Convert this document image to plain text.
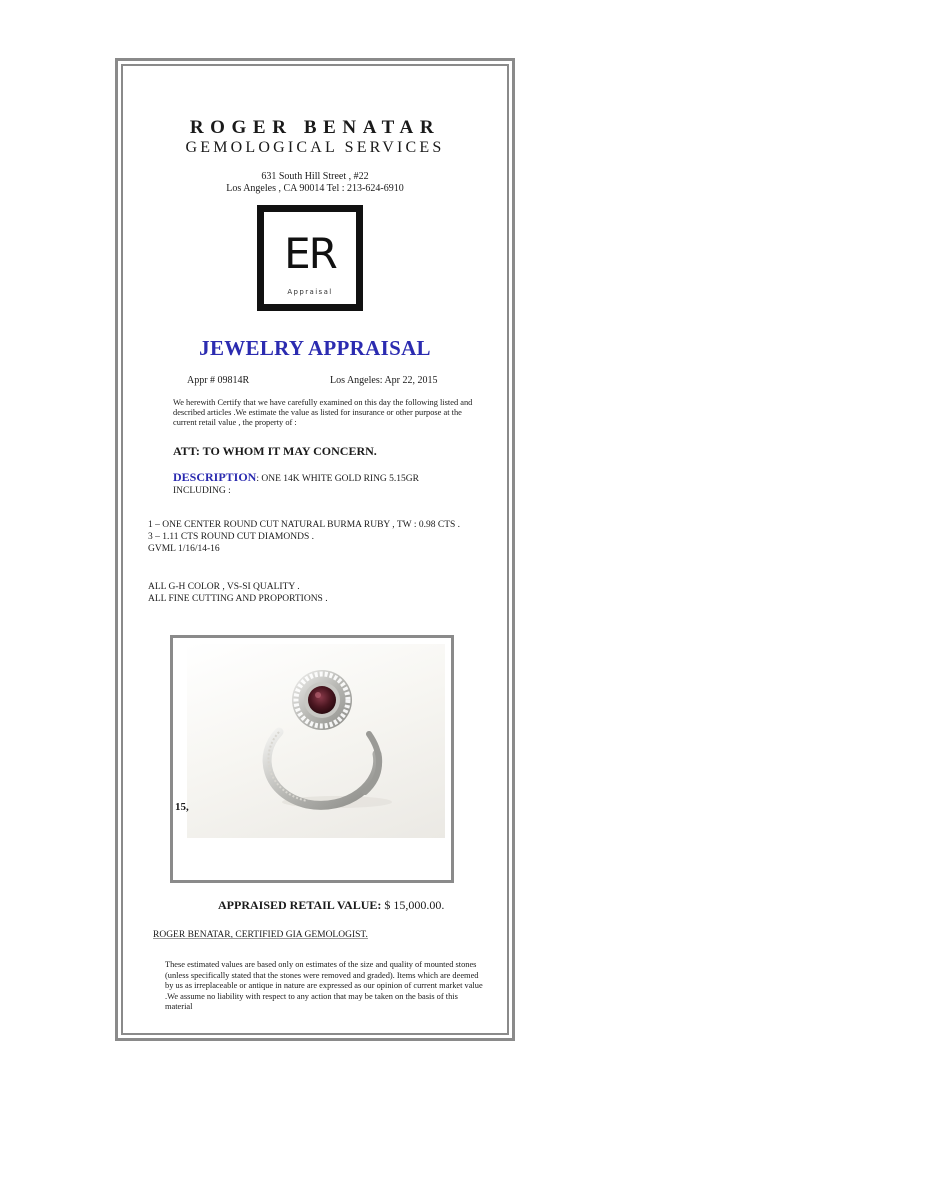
ROGER BENATAR
GEMOLOGICAL SERVICES
631 South Hill Street , #22
Los Angeles , CA 90014 Tel : 213-624-6910
ER
Appraisal
JEWELRY APPRAISAL
Appr # 09814R	Los Angeles: Apr 22, 2015
We herewith Certify that we have carefully examined on this day the following listed and described articles .We estimate the value as listed for insurance or other purpose at the current retail value , the property of :
ATT: TO WHOM IT MAY CONCERN.
DESCRIPTION: ONE 14K WHITE GOLD RING 5.15GR INCLUDING :
1 – ONE CENTER ROUND CUT NATURAL BURMA RUBY , TW : 0.98 CTS .
3 – 1.11 CTS ROUND CUT DIAMONDS .
GVML 1/16/14-16
ALL G-H COLOR , VS-SI QUALITY .
ALL FINE CUTTING AND PROPORTIONS .
15,
APPRAISED RETAIL VALUE: $ 15,000.00.
ROGER BENATAR, CERTIFIED GIA GEMOLOGIST.
These estimated values are based only on estimates of the size and quality of mounted stones (unless specifically stated that the stones were removed and graded). Items which are deemed by us as irreplaceable or antique in nature are expressed as our opinion of current market value .We assume no liability with respect to any action that may be taken on the basis of this material
